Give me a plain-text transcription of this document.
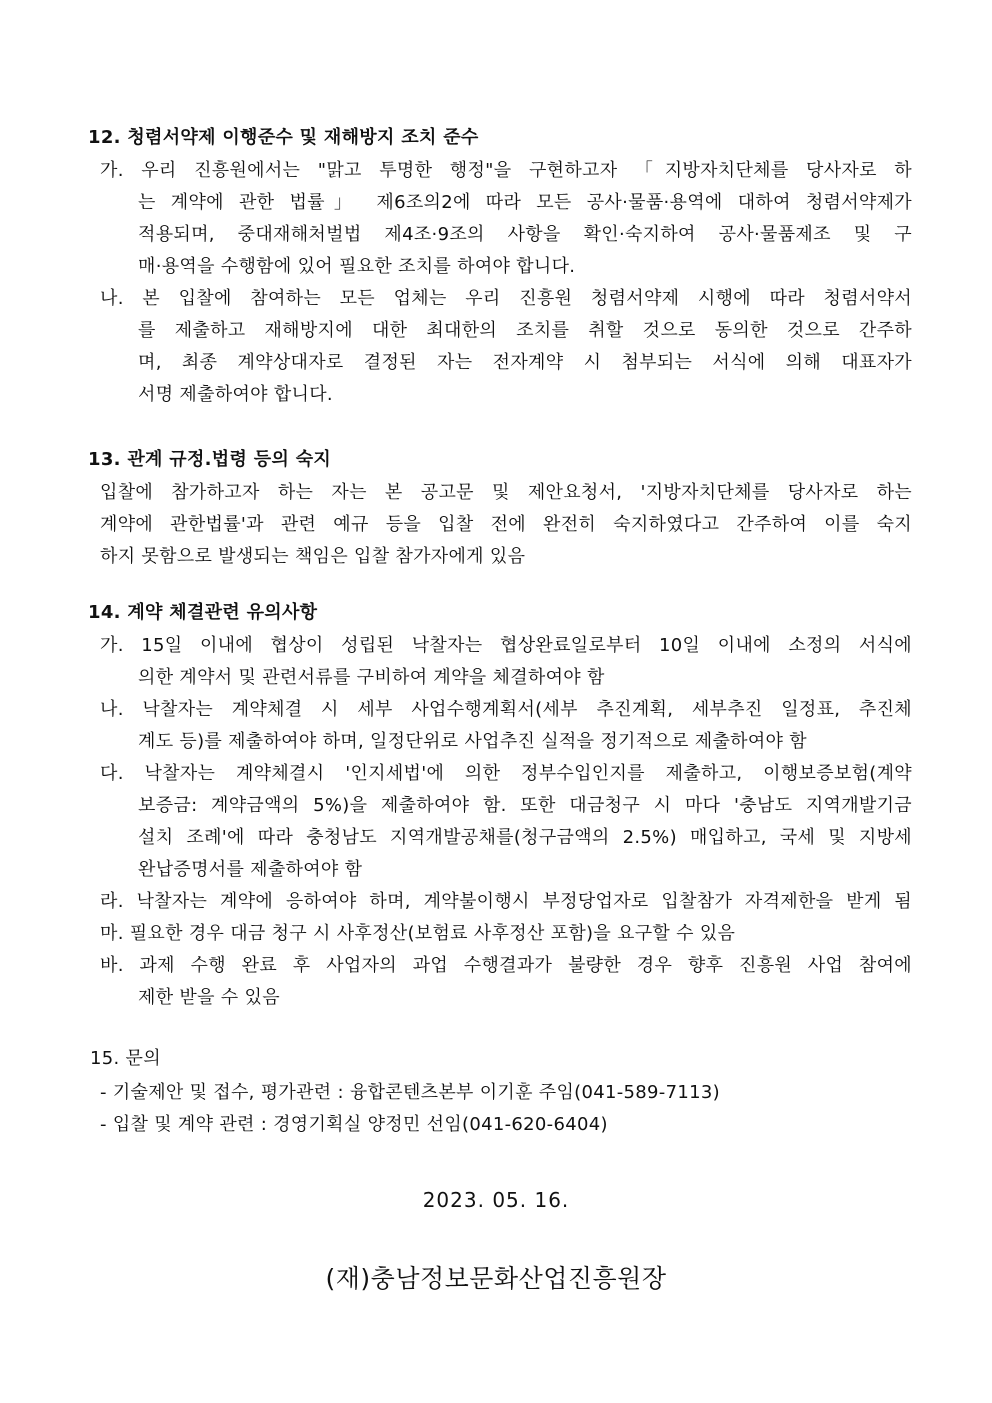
12. 청렴서약제 이행준수 및 재해방지 조치 준수
가. 우리 진흥원에서는 "맑고 투명한 행정"을 구현하고자 「지방자치단체를 당사자로 하
는 계약에 관한 법률」 제6조의2에 따라 모든 공사·물품·용역에 대하여 청렴서약제가
적용되며, 중대재해처벌법 제4조·9조의 사항을 확인·숙지하여 공사·물품제조 및 구
매·용역을 수행함에 있어 필요한 조치를 하여야 합니다.
나. 본 입찰에 참여하는 모든 업체는 우리 진흥원 청렴서약제 시행에 따라 청렴서약서
를 제출하고 재해방지에 대한 최대한의 조치를 취할 것으로 동의한 것으로 간주하
며, 최종 계약상대자로 결정된 자는 전자계약 시 첨부되는 서식에 의해 대표자가
서명 제출하여야 합니다.
13. 관계 규정.법령 등의 숙지
입찰에 참가하고자 하는 자는 본 공고문 및 제안요청서, '지방자치단체를 당사자로 하는
계약에 관한법률'과 관련 예규 등을 입찰 전에 완전히 숙지하였다고 간주하여 이를 숙지
하지 못함으로 발생되는 책임은 입찰 참가자에게 있음
14. 계약 체결관련 유의사항
가. 15일 이내에 협상이 성립된 낙찰자는 협상완료일로부터 10일 이내에 소정의 서식에
의한 계약서 및 관련서류를 구비하여 계약을 체결하여야 함
나. 낙찰자는 계약체결 시 세부 사업수행계획서(세부 추진계획, 세부추진 일정표, 추진체
계도 등)를 제출하여야 하며, 일정단위로 사업추진 실적을 정기적으로 제출하여야 함
다. 낙찰자는 계약체결시 '인지세법'에 의한 정부수입인지를 제출하고, 이행보증보험(계약
보증금: 계약금액의 5%)을 제출하여야 함. 또한 대금청구 시 마다 '충남도 지역개발기금
설치 조례'에 따라 충청남도 지역개발공채를(청구금액의 2.5%) 매입하고, 국세 및 지방세
완납증명서를 제출하여야 함
라. 낙찰자는 계약에 응하여야 하며, 계약불이행시 부정당업자로 입찰참가 자격제한을 받게 됨
마. 필요한 경우 대금 청구 시 사후정산(보험료 사후정산 포함)을 요구할 수 있음
바. 과제 수행 완료 후 사업자의 과업 수행결과가 불량한 경우 향후 진흥원 사업 참여에
제한 받을 수 있음
15. 문의
- 기술제안 및 접수, 평가관련 : 융합콘텐츠본부 이기훈 주임(041-589-7113)
- 입찰 및 계약 관련 : 경영기획실 양정민 선임(041-620-6404)
2023. 05. 16.
(재)충남정보문화산업진흥원장
